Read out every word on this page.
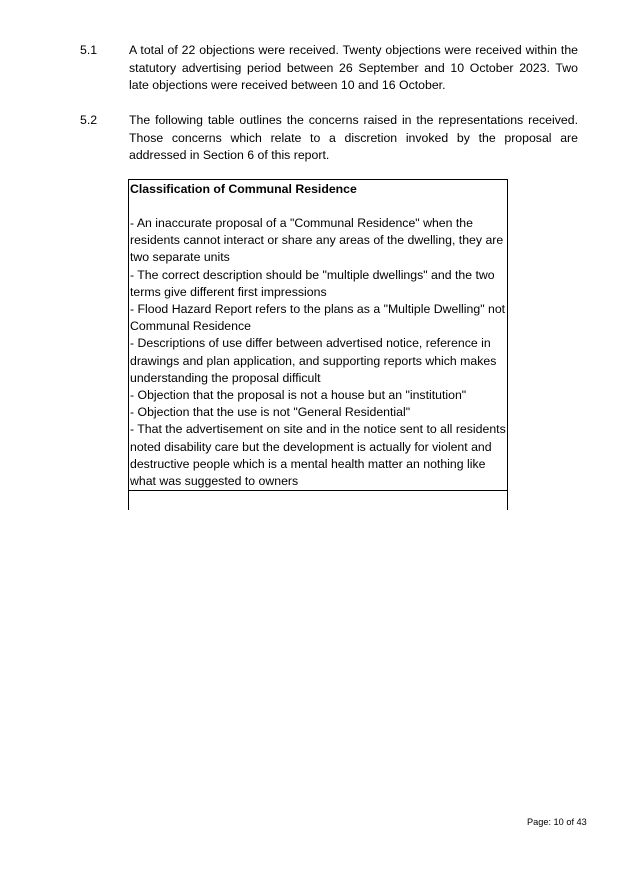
5.1	A total of 22 objections were received. Twenty objections were received within the statutory advertising period between 26 September and 10 October 2023. Two late objections were received between 10 and 16 October.
5.2	The following table outlines the concerns raised in the representations received. Those concerns which relate to a discretion invoked by the proposal are addressed in Section 6 of this report.
Classification of Communal Residence
- An inaccurate proposal of a "Communal Residence" when the
residents cannot interact or share any areas of the dwelling, they are
two separate units
- The correct description should be "multiple dwellings" and the two
terms give different first impressions
- Flood Hazard Report refers to the plans as a "Multiple Dwelling" not
Communal Residence
- Descriptions of use differ between advertised notice, reference in
drawings and plan application, and supporting reports which makes
understanding the proposal difficult
- Objection that the proposal is not a house but an "institution"
- Objection that the use is not "General Residential"
- That the advertisement on site and in the notice sent to all residents
noted disability care but the development is actually for violent and
destructive people which is a mental health matter an nothing like
what was suggested to owners
Page: 10 of 43
